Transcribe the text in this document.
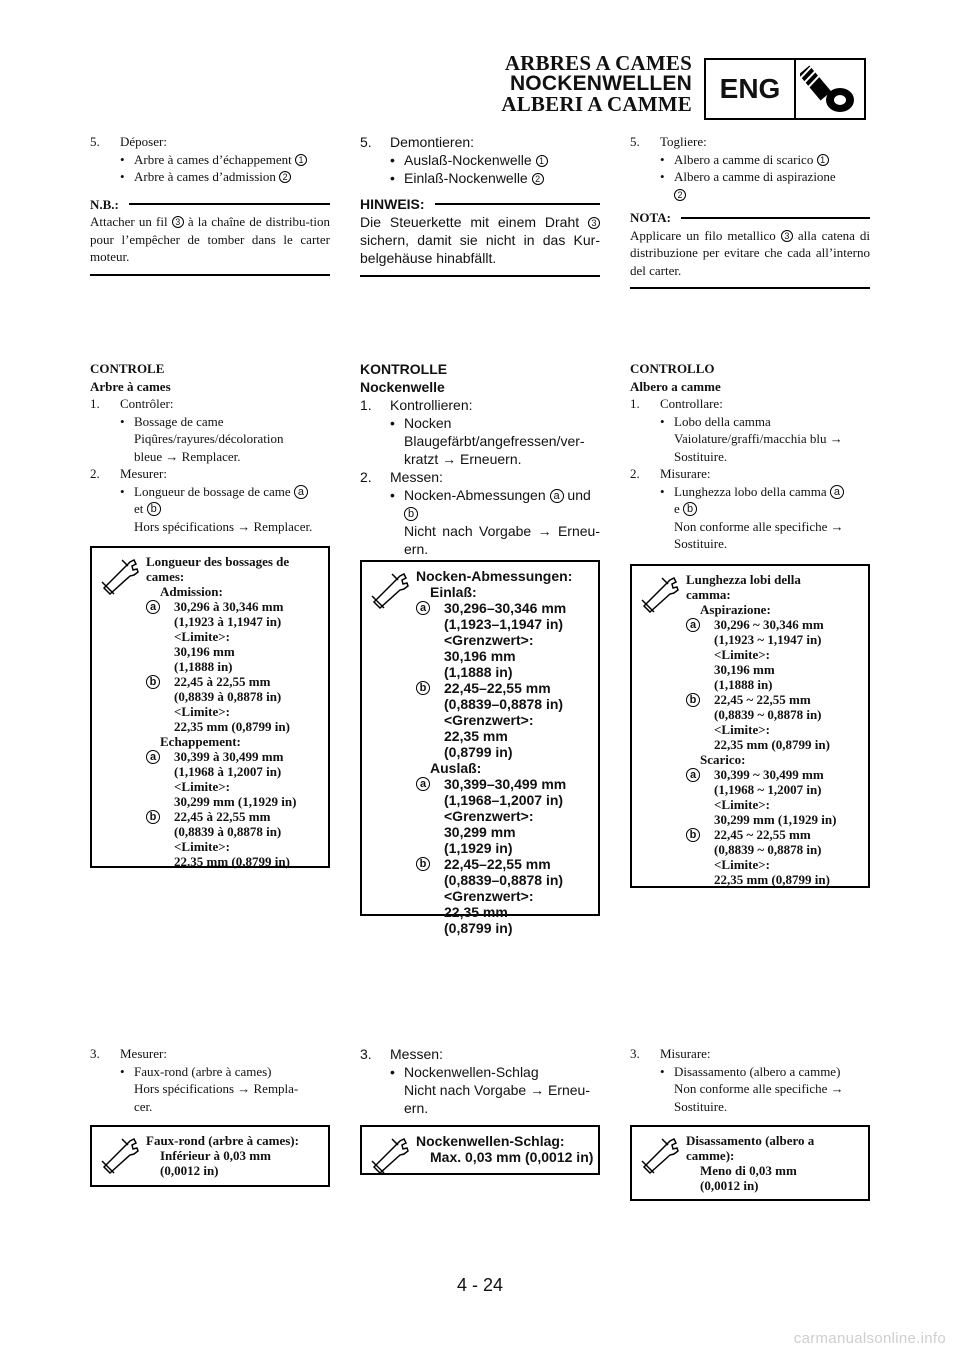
ARBRES A CAMES
NOCKENWELLEN
ALBERI A CAMME ENG

5. Déposer:

• Arbre à cames d’échappement 1

• Arbre à cames d’admission 2

N.B.:

Attacher un fil 3 à la chaîne de distribu-tion pour l’empêcher de tomber dans le carter moteur.

CONTROLE

Arbre à cames

1. Contrôler:

• Bossage de came

Piqûres/rayures/décoloration

bleue → Remplacer.

2. Mesurer:

• Longueur de bossage de came a

et b

Hors spécifications → Remplacer.

Longueur des bossages de
cames:
Admission:
a	30,296 à 30,346 mm
(1,1923 à 1,1947 in)
<Limite>:
30,196 mm
(1,1888 in)
b 22,45 à 22,55 mm
(0,8839 à 0,8878 in)
<Limite>:
22,35 mm (0,8799 in)
Echappement:
a	30,399 à 30,499 mm
(1,1968 à 1,2007 in)
<Limite>:
30,299 mm (1,1929 in)
b 22,45 à 22,55 mm
(0,8839 à 0,8878 in)
<Limite>:
22,35 mm (0,8799 in)

3. Mesurer:

• Faux-rond (arbre à cames)

Hors spécifications → Rempla-

cer.

Faux-rond (arbre à cames):
Inférieur à 0,03 mm
(0,0012 in)

5. Demontieren:

• Auslaß-Nockenwelle 1

• Einlaß-Nockenwelle 2

HINWEIS:

Die Steuerkette mit einem Draht 3 sichern, damit sie nicht in das Kur-belgehäuse hinabfällt.

KONTROLLE

Nockenwelle

1. Kontrollieren:

• Nocken

Blaugefärbt/angefressen/ver-

kratzt → Erneuern.

2. Messen:

• Nocken-Abmessungen a und

b

Nicht nach Vorgabe → Erneu-ern.

Nocken-Abmessungen:
Einlaß:
a 30,296–30,346 mm
(1,1923–1,1947 in)
<Grenzwert>:
30,196 mm
(1,1888 in)
b 22,45–22,55 mm
(0,8839–0,8878 in)
<Grenzwert>:
22,35 mm
(0,8799 in)
Auslaß:
a 30,399–30,499 mm
(1,1968–1,2007 in)
<Grenzwert>:
30,299 mm
(1,1929 in)
b 22,45–22,55 mm
(0,8839–0,8878 in)
<Grenzwert>:
22,35 mm
(0,8799 in)

3. Messen:

• Nockenwellen-Schlag

Nicht nach Vorgabe → Erneu-

ern.

Nockenwellen-Schlag:
Max. 0,03 mm (0,0012 in)

5. Togliere:

• Albero a camme di scarico 1

• Albero a camme di aspirazione

2

NOTA:

Applicare un filo metallico 3 alla catena di distribuzione per evitare che cada all’interno del carter.

CONTROLLO

Albero a camme

1. Controllare:

• Lobo della camma

Vaiolature/graffi/macchia blu →

Sostituire.

2. Misurare:

• Lunghezza lobo della camma a

e b

Non conforme alle specifiche →

Sostituire.

Lunghezza lobi della
camma:
Aspirazione:
a	30,296 ~ 30,346 mm
(1,1923 ~ 1,1947 in)
<Limite>:
30,196 mm
(1,1888 in)
b 22,45 ~ 22,55 mm
(0,8839 ~ 0,8878 in)
<Limite>:
22,35 mm (0,8799 in)
Scarico:
a	30,399 ~ 30,499 mm
(1,1968 ~ 1,2007 in)
<Limite>:
30,299 mm (1,1929 in)
b 22,45 ~ 22,55 mm
(0,8839 ~ 0,8878 in)
<Limite>:
22,35 mm (0,8799 in)

3. Misurare:

• Disassamento (albero a camme)

Non conforme alle specifiche →

Sostituire.

Disassamento (albero a
camme):
Meno di 0,03 mm
(0,0012 in)
4 - 24
carmanualsonline.info
